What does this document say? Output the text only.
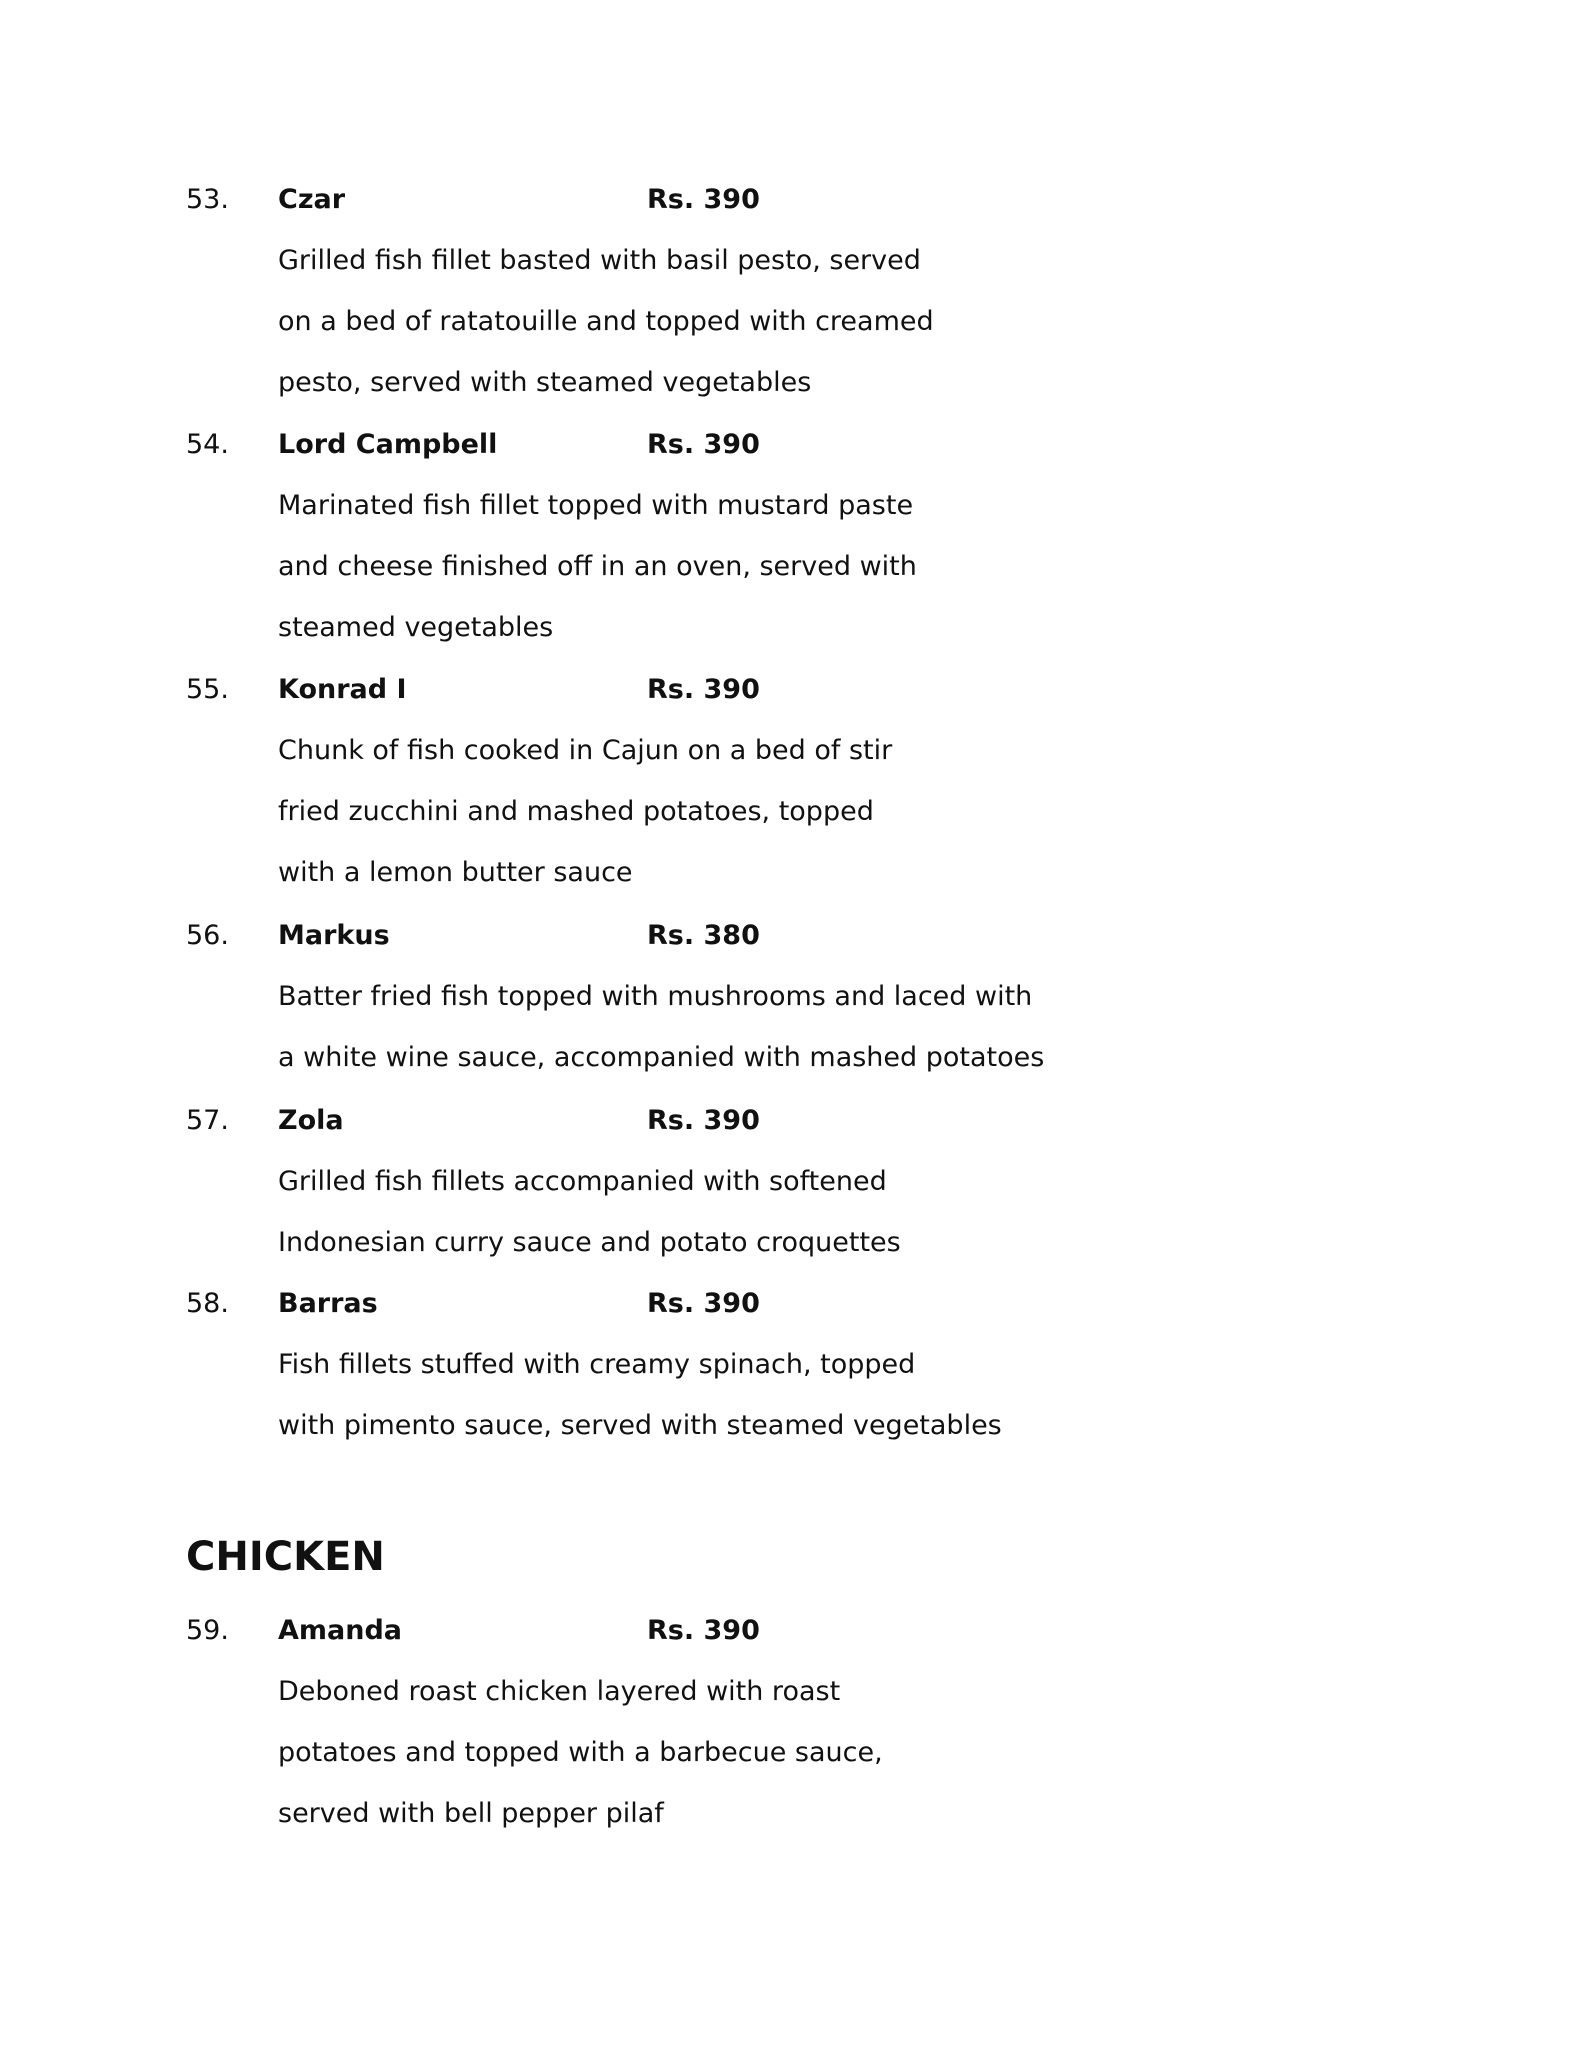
53. Czar	Rs. 390
Grilled fish fillet basted with basil pesto, served
on a bed of ratatouille and topped with creamed
pesto, served with steamed vegetables
54. Lord Campbell	Rs. 390
Marinated fish fillet topped with mustard paste
and cheese finished off in an oven, served with
steamed vegetables
55. Konrad I	Rs. 390
Chunk of fish cooked in Cajun on a bed of stir
fried zucchini and mashed potatoes, topped
with a lemon butter sauce
56. Markus	Rs. 380
Batter fried fish topped with mushrooms and laced with
a white wine sauce, accompanied with mashed potatoes
57. Zola	Rs. 390
Grilled fish fillets accompanied with softened
Indonesian curry sauce and potato croquettes
58. Barras	Rs. 390
Fish fillets stuffed with creamy spinach, topped
with pimento sauce, served with steamed vegetables
CHICKEN
59. Amanda	Rs. 390
Deboned roast chicken layered with roast
potatoes and topped with a barbecue sauce,
served with bell pepper pilaf
